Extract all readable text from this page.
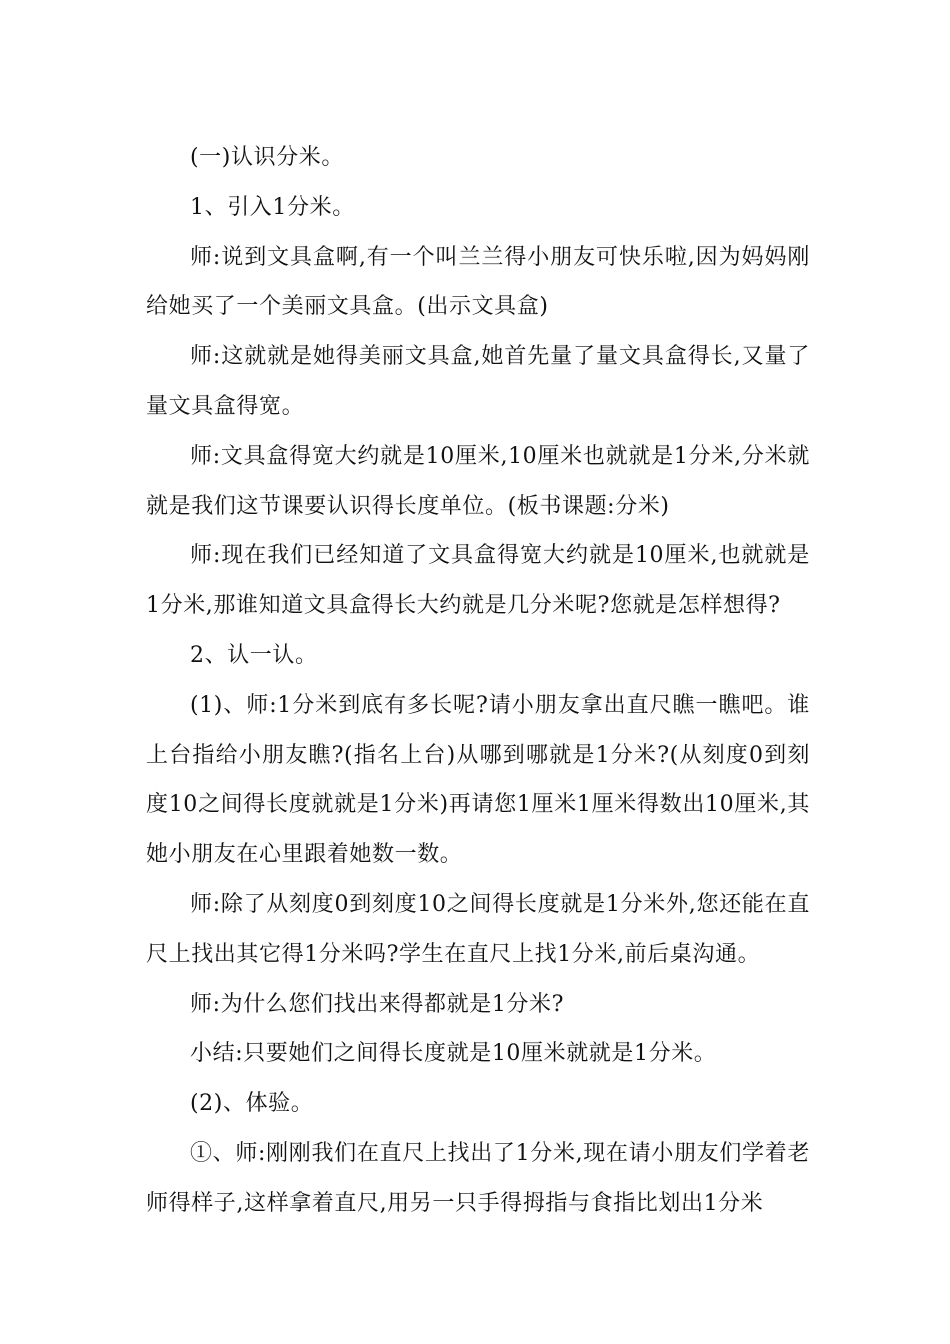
(一)认识分米。

1、引入1分米。

师:说到文具盒啊,有一个叫兰兰得小朋友可快乐啦,因为妈妈刚给她买了一个美丽文具盒。(出示文具盒)

师:这就就是她得美丽文具盒,她首先量了量文具盒得长,又量了量文具盒得宽。

师:文具盒得宽大约就是10厘米,10厘米也就就是1分米,分米就就是我们这节课要认识得长度单位。(板书课题:分米)

师:现在我们已经知道了文具盒得宽大约就是10厘米,也就就是1分米,那谁知道文具盒得长大约就是几分米呢?您就是怎样想得?

2、认一认。

(1)、师:1分米到底有多长呢?请小朋友拿出直尺瞧一瞧吧。谁上台指给小朋友瞧?(指名上台)从哪到哪就是1分米?(从刻度0到刻度10之间得长度就就是1分米)再请您1厘米1厘米得数出10厘米,其她小朋友在心里跟着她数一数。

师:除了从刻度0到刻度10之间得长度就是1分米外,您还能在直尺上找出其它得1分米吗?学生在直尺上找1分米,前后桌沟通。

师:为什么您们找出来得都就是1分米?

小结:只要她们之间得长度就是10厘米就就是1分米。

(2)、体验。

①、师:刚刚我们在直尺上找出了1分米,现在请小朋友们学着老师得样子,这样拿着直尺,用另一只手得拇指与食指比划出1分米
